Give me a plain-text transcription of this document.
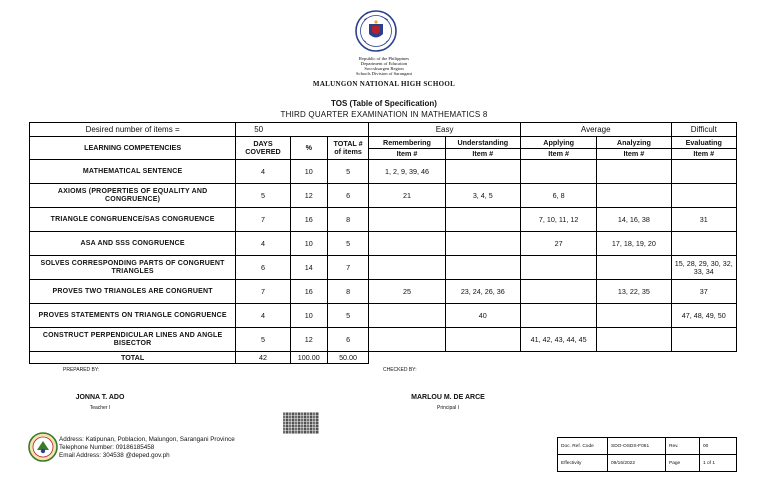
Republic of the Philippines
Department of Education
Soccsksargen Region
Schools Division of Sarangani
MALUNGON NATIONAL HIGH SCHOOL
TOS (Table of Specification)
THIRD QUARTER EXAMINATION IN MATHEMATICS 8
Desired number of items =	50			Easy		Average		Difficult
LEARNING COMPETENCIES	DAYS COVERED	%	TOTAL # of items	Remembering	Understanding	Applying	Analyzing	Evaluating
				Item #	Item #	Item #	Item #	Item #
MATHEMATICAL SENTENCE	4	10	5	1, 2, 9, 39, 46				
AXIOMS (PROPERTIES OF EQUALITY AND CONGRUENCE)	5	12	6	21	3, 4, 5	6, 8		
TRIANGLE CONGRUENCE/SAS CONGRUENCE	7	16	8			7, 10, 11, 12	14, 16, 38	31
ASA AND SSS CONGRUENCE	4	10	5			27	17, 18, 19, 20	
SOLVES CORRESPONDING PARTS OF CONGRUENT TRIANGLES	6	14	7					15, 28, 29, 30, 32, 33, 34
PROVES TWO TRIANGLES ARE CONGRUENT	7	16	8	25	23, 24, 26, 36		13, 22, 35	37
PROVES STATEMENTS ON TRIANGLE CONGRUENCE	4	10	5		40			47, 48, 49, 50
CONSTRUCT PERPENDICULAR LINES AND ANGLE BISECTOR	5	12	6			41, 42, 43, 44, 45		
TOTAL	42	100.00	50.00					
PREPARED BY:	CHECKED BY:
JONNA T. ADO
Teacher I
MARLOU M. DE ARCE
Principal I
Address: Katipunan, Poblacion, Malungon, Sarangani Province
Telephone Number: 09186185458
Email Address: 304538 @deped.gov.ph
Doc. Ref. Code	SDO-OSDS-F061	Rev.	00
Effectivity	09/16/2022	Page	1 of 1
